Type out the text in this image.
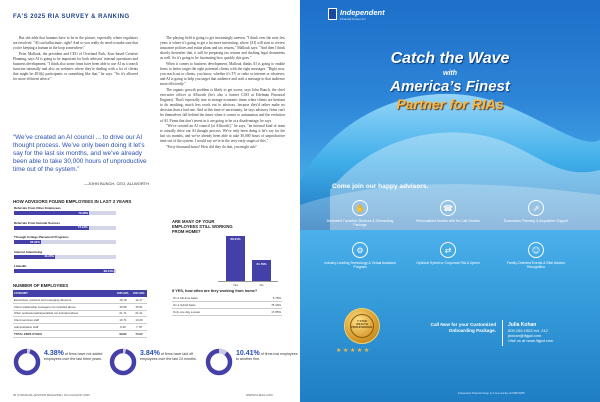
FA'S 2025 RIA SURVEY & RANKING

But she adds that humans have to be in the picture, especially where regulators are involved. "AI can hallucinate, right? And so you really do need to make sure that you're keeping a human in the loop somewhere."

Peter Mallouk, the president and CEO of Overland Park, Kan.-based Creative Planning, says AI is going to be important for both advisors' internal operations and business development. "I think also some firms have been able to use AI as a search function internally and also on websites where they're dealing with a lot of clients that might be 401(k) participants or something like that," he says. "So it's allowed for more efficient advice."

The playing field is going to get increasingly uneven. "I think over the next few years is where it's going to get a lot more interesting, where [AI] will start to review insurance policies and estate plans and tax returns," Mallouk says. "And then I think shortly thereafter that, it will be preparing tax returns and drafting legal documents as well. So it's going to be fascinating how quickly this goes."

When it comes to business development, Mallouk thinks AI is going to enable firms to better target the right potential clients with the right messages. "Right now, you reach out to clients, you know, whether it's TV or radio or internet or whatever, and AI is going to help you target that audience and craft a message to that audience more efficiently."

The organic growth problem is likely to get worse, says John Bunch, the chief executive officer at Allworth (he's also a former COO at Edelman Financial Engines). That's especially true in strange economic times when clients are hesitant to do anything, much less reach out to advisors, because they'd rather make no decision than a bad one. And at this time of uncertainty, he says advisory firms can't let themselves fall behind the times when it comes to automation and the evolution of AI. Firms that don't invest in it are going to be at a disadvantage, he says.

"We've created an AI council [at Allworth]," he says, "an internal kind of team to actually drive our AI thought process. We've only been doing it let's say for the last six months, and we've already been able to take 30,000 hours of unproductive time out of the system. I would say we're in the very early stages of this."

"Forty thousand hours! How did they do that, you might ask?

“We’ve created an AI council ... to drive our AI thought process. We’ve only been doing it let’s say for the last six months, and we’ve already been able to take 30,000 hours of unproductive time out of the system.”
—JOHN BUNCH, CEO, ALLWORTH
HOW ADVISORS FOUND EMPLOYEES IN LAST 3 YEARS
Referrals From Other Employees
73.68%
Referrals From Outside Sources
73.13%
Through College Placement Programs
26.32%
Internet Advertising
40.20%
LinkedIn
98.44%
NUMBER OF EMPLOYEES
CATEGORY	2025 AVG.	2024 AVG.
Executives, partners and managing directors	15.18	12.17
Client relationship managers not included above	15.58	15.51
Other professionals/specialists not included above	21.71	21.21
Client services staff	10.71	13.20
Administrative staff	9.26	7.78
TOTAL EMPLOYEES	98.82	70.22
ARE MANY OF YOUR EMPLOYEES STILL WORKING FROM HOME?
68.21%
Yes
31.79%
No
If YES, how often are they working from home?
On a full-time basis	6.75%
On a hybrid basis	75.40%
Only one day a week	17.85%
4.38% of firms have not added employees over the last three years.
3.84% of firms have laid off employees over the last 24 months.
10.41% of firms lost employees to another firm.
30 | FINANCIAL ADVISOR MAGAZINE | JULY/AUGUST 2025	WWW.FA-MAG.COM
Independent
Financial Group LLC
Catch the Wave
with
America’s Finest
Partner for RIAs
Come join our happy advisors.
✋
Dedicated Transition Services & Onboarding Package
☎
Personalized Service with No Call Centers
⇗
Succession Planning & Acquisition Support
⚙
Industry-Leading Technology & Virtual Assistant Program
⇄
Optional Hybrid or Corporate RIA A Option
☺
Family-Oriented Events & Elite Advisor Recognition
5 STAR WEALTH PROFESSIONAL
★★★★★
Call Now for your Customized Onboarding Package.
Julia Kohan
800.269.1903 ext. 212
jkohan@ifgpd.com
Visit us at www.ifgpd.com
Independent Financial Group, LLC is a member of FINRA/SIPC.
